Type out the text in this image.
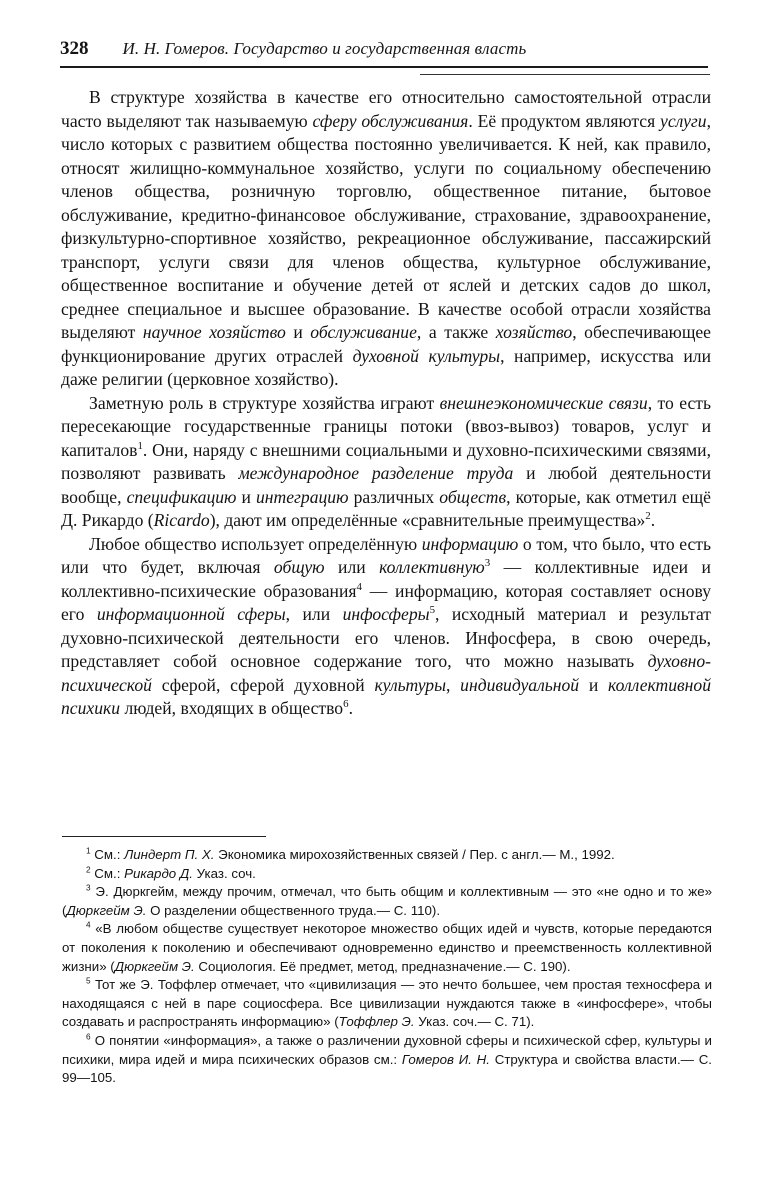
328 И. Н. Гомеров. Государство и государственная власть

В структуре хозяйства в качестве его относительно самостоятельной отрасли часто выделяют так называемую сферу обслуживания. Её продуктом являются услуги, число которых с развитием общества постоянно увеличивается. К ней, как правило, относят жилищно-коммунальное хозяйство, услуги по социальному обеспечению членов общества, розничную торговлю, общественное питание, бытовое обслуживание, кредитно-финансовое обслуживание, страхование, здравоохранение, физкультурно-спортивное хозяйство, рекреационное обслуживание, пассажирский транспорт, услуги связи для членов общества, культурное обслуживание, общественное воспитание и обучение детей от яслей и детских садов до школ, среднее специальное и высшее образование. В качестве особой отрасли хозяйства выделяют научное хозяйство и обслуживание, а также хозяйство, обеспечивающее функционирование других отраслей духовной культуры, например, искусства или даже религии (церковное хозяйство).

Заметную роль в структуре хозяйства играют внешнеэкономические связи, то есть пересекающие государственные границы потоки (ввоз-вывоз) товаров, услуг и капиталов$^1$. Они, наряду с внешними социальными и духовно-психическими связями, позволяют развивать международное разделение труда и любой деятельности вообще, спецификацию и интеграцию различных обществ, которые, как отметил ещё Д. Рикардо (Ricardo), дают им определённые «сравнительные преимущества»$^2$.

Любое общество использует определённую информацию о том, что было, что есть или что будет, включая общую или коллективную$^3$ — коллективные идеи и коллективно-психические образования$^4$ — информацию, которая составляет основу его информационной сферы, или инфосферы$^5$, исходный материал и результат духовно-психической деятельности его членов. Инфосфера, в свою очередь, представляет собой основное содержание того, что можно называть духовно-психической сферой, сферой духовной культуры, индивидуальной и коллективной психики людей, входящих в общество$^6$.

$^1$ См.: Линдерт П. Х. Экономика мирохозяйственных связей / Пер. с англ.— М., 1992.

$^2$ См.: Рикардо Д. Указ. соч.

$^3$ Э. Дюркгейм, между прочим, отмечал, что быть общим и коллективным — это «не одно и то же» (Дюркгейм Э. О разделении общественного труда.— С. 110).

$^4$ «В любом обществе существует некоторое множество общих идей и чувств, которые передаются от поколения к поколению и обеспечивают одновременно единство и преемственность коллективной жизни» (Дюркгейм Э. Социология. Её предмет, метод, предназначение.— С. 190).

$^5$ Тот же Э. Тоффлер отмечает, что «цивилизация — это нечто большее, чем простая техносфера и находящаяся с ней в паре социосфера. Все цивилизации нуждаются также в «инфосфере», чтобы создавать и распространять информацию» (Тоффлер Э. Указ. соч.— С. 71).

$^6$ О понятии «информация», а также о различении духовной сферы и психической сфер, культуры и психики, мира идей и мира психических образов см.: Гомеров И. Н. Структура и свойства власти.— С. 99—105.
